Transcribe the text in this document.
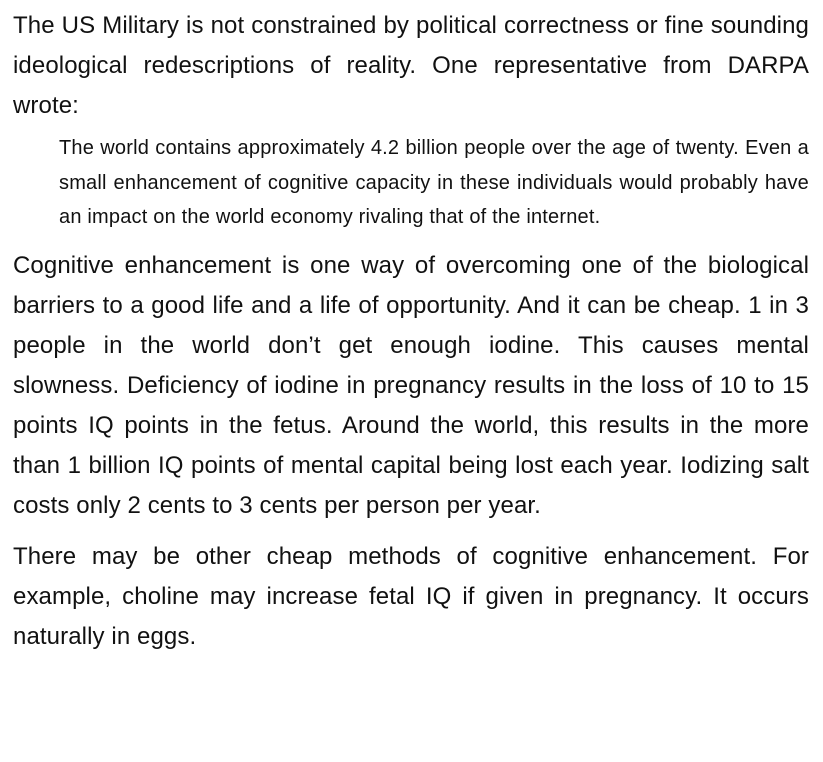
The US Military is not constrained by political correctness or fine sounding ideological redescriptions of reality. One representative from DARPA wrote:

The world contains approximately 4.2 billion people over the age of twenty. Even a small enhancement of cognitive capacity in these individuals would probably have an impact on the world economy rivaling that of the internet.

Cognitive enhancement is one way of overcoming one of the biological barriers to a good life and a life of opportunity. And it can be cheap. 1 in 3 people in the world don’t get enough iodine. This causes mental slowness. Deficiency of iodine in pregnancy results in the loss of 10 to 15 points IQ points in the fetus. Around the world, this results in the more than 1 billion IQ points of mental capital being lost each year. Iodizing salt costs only 2 cents to 3 cents per person per year.

There may be other cheap methods of cognitive enhancement. For example, choline may increase fetal IQ if given in pregnancy. It occurs naturally in eggs.
